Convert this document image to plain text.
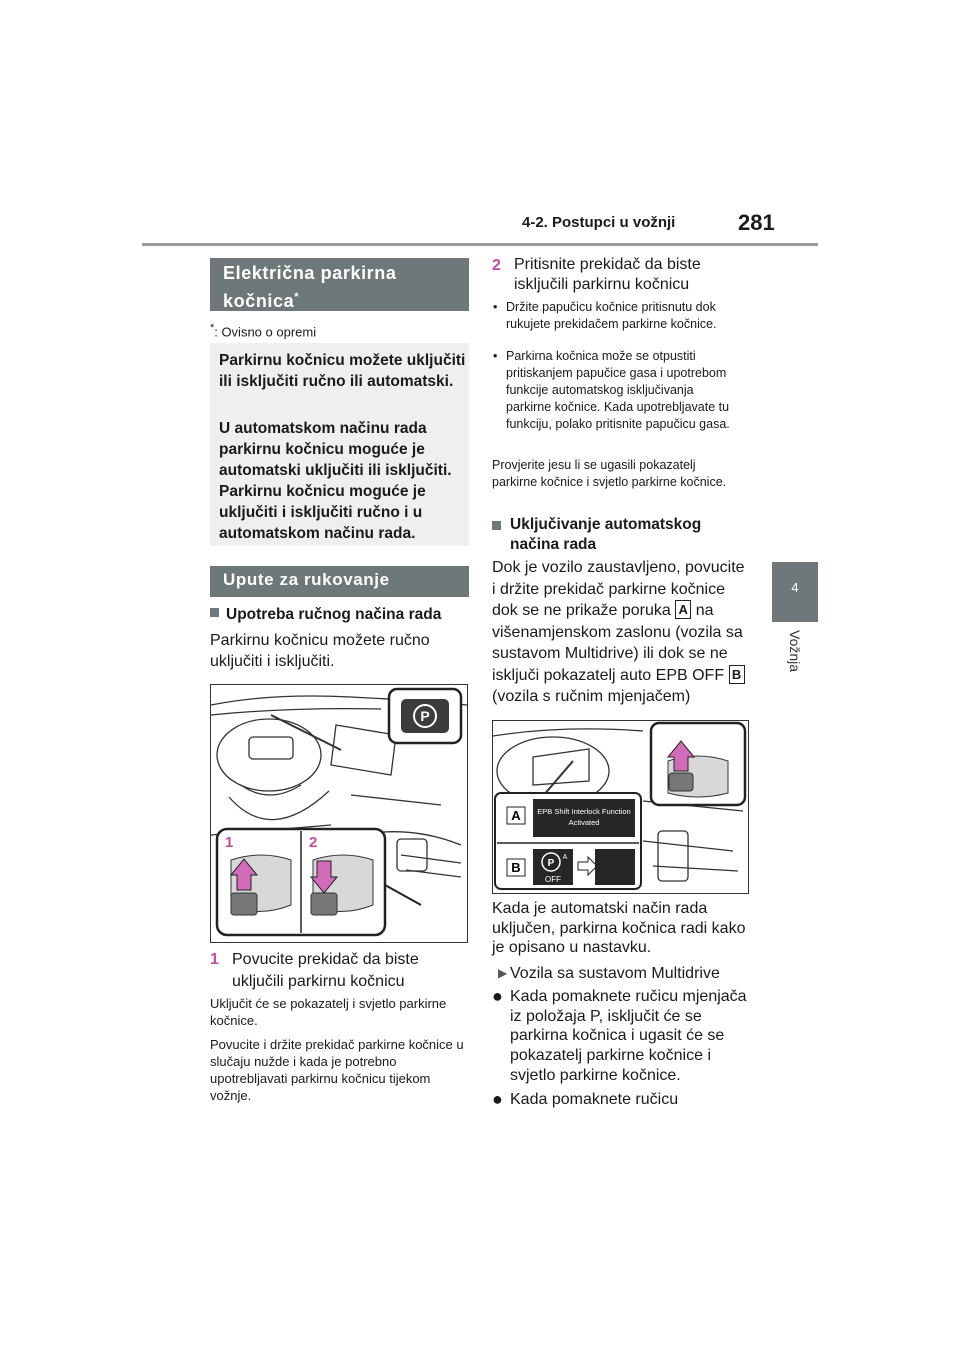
4-2. Postupci u vožnji	281
4
Vožnja
Električna parkirna kočnica*
*: Ovisno o opremi

Parkirnu kočnicu možete uključiti ili isključiti ručno ili automatski.

U automatskom načinu rada parkirnu kočnicu moguće je automatski uključiti ili isključiti. Parkirnu kočnicu moguće je uključiti i isključiti ručno i u automatskom načinu rada.

Upute za rukovanje
Upotreba ručnog načina rada

Parkirnu kočnicu možete ručno uključiti i isključiti.

P
1	2
1 Povucite prekidač da biste uključili parkirnu kočnicu

Uključit će se pokazatelj i svjetlo parkirne kočnice.

Povucite i držite prekidač parkirne kočnice u slučaju nužde i kada je potrebno upotrebljavati parkirnu kočnicu tijekom vožnje.

2 Pritisnite prekidač da biste isključili parkirnu kočnicu
• Držite papučicu kočnice pritisnutu dok rukujete prekidačem parkirne kočnice.
• Parkirna kočnica može se otpustiti pritiskanjem papučice gasa i upotrebom funkcije automatskog isključivanja parkirne kočnice. Kada upotrebljavate tu funkciju, polako pritisnite papučicu gasa.

Provjerite jesu li se ugasili pokazatelj parkirne kočnice i svjetlo parkirne kočnice.

Uključivanje automatskog načina rada
Dok je vozilo zaustavljeno, povucite i držite prekidač parkirne kočnice dok se ne prikaže poruka A na višenamjenskom zaslonu (vozila sa sustavom Multidrive) ili dok se ne isključi pokazatelj auto EPB OFF B (vozila s ručnim mjenjačem)
A
B
EPB Shift Interlock Function
Activated
P
A
OFF

Kada je automatski način rada uključen, parkirna kočnica radi kako je opisano u nastavku.

▶ Vozila sa sustavom Multidrive
● Kada pomaknete ručicu mjenjača iz položaja P, isključit će se parkirna kočnica i ugasit će se pokazatelj parkirne kočnice i svjetlo parkirne kočnice.
● Kada pomaknete ručicu
